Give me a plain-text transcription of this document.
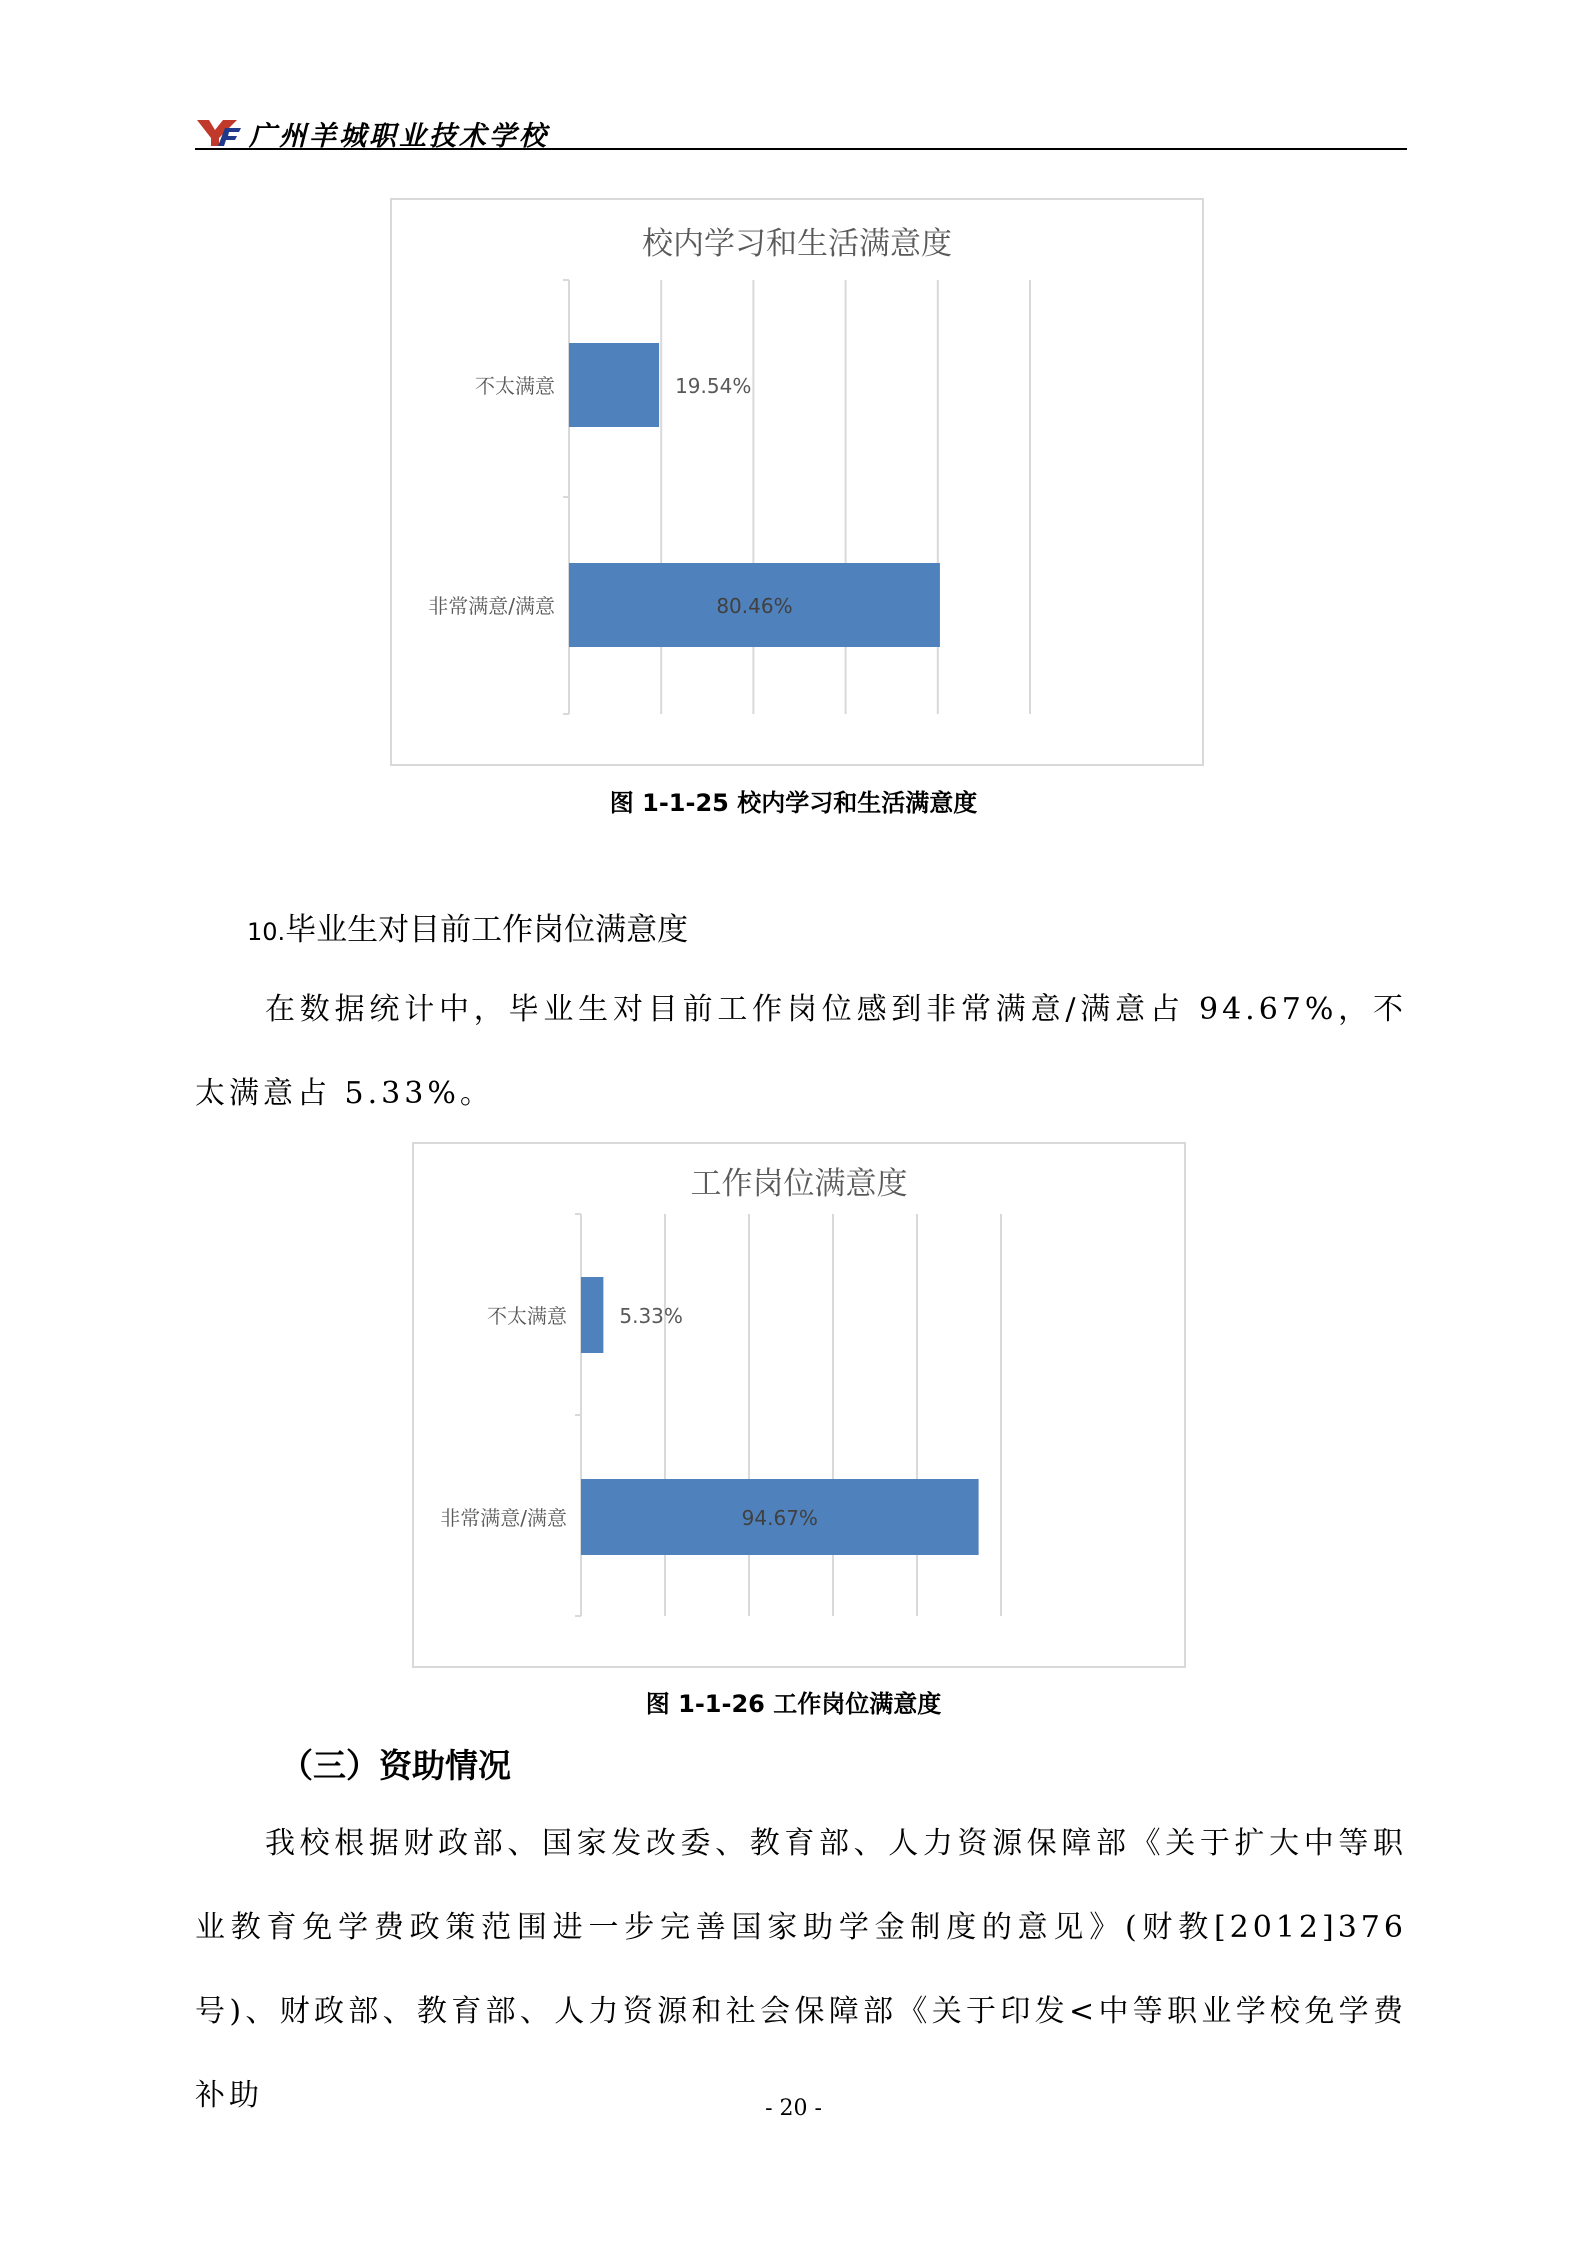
广州羊城职业技术学校
校内学习和生活满意度
不太满意	19.54%
非常满意/满意	80.46%
图 1-1-25 校内学习和生活满意度
10.毕业生对目前工作岗位满意度
在数据统计中，毕业生对目前工作岗位感到非常满意/满意占 94.67%，不太满意占 5.33%。
工作岗位满意度
不太满意	5.33%
非常满意/满意	94.67%
图 1-1-26 工作岗位满意度
（三）资助情况
我校根据财政部、国家发改委、教育部、人力资源保障部《关于扩大中等职业教育免学费政策范围进一步完善国家助学金制度的意见》(财教[2012]376 号)、财政部、教育部、人力资源和社会保障部《关于印发<中等职业学校免学费补助	- 20 -
